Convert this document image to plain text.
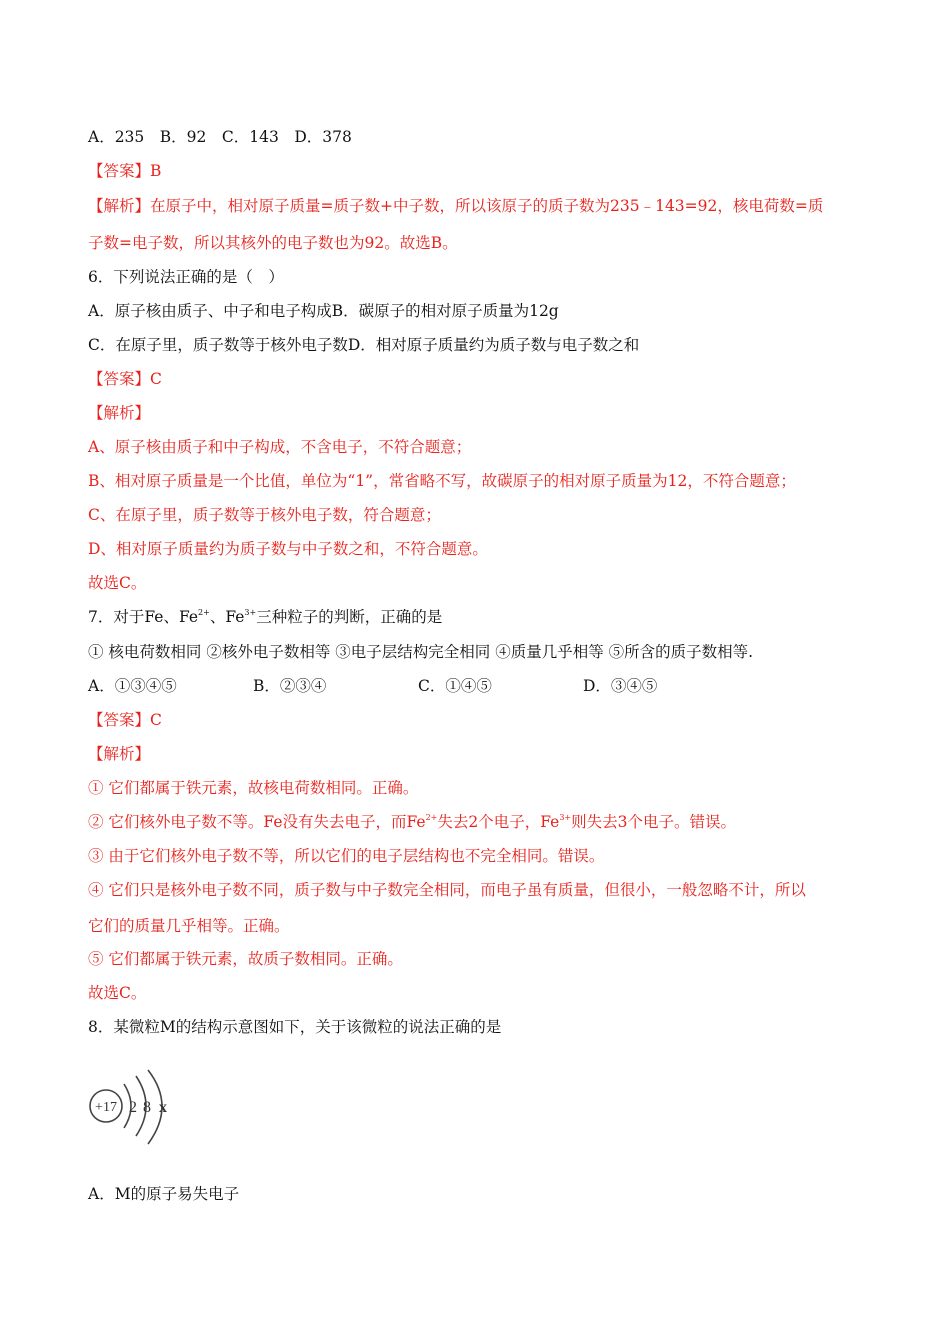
A．235　B．92　C．143　D．378
【答案】B
【解析】在原子中，相对原子质量=质子数+中子数，所以该原子的质子数为235﹣143=92，核电荷数=质
子数=电子数，所以其核外的电子数也为92。故选B。
6．下列说法正确的是（　）
A．原子核由质子、中子和电子构成B．碳原子的相对原子质量为12g
C．在原子里，质子数等于核外电子数D．相对原子质量约为质子数与电子数之和
【答案】C
【解析】
A、原子核由质子和中子构成，不含电子，不符合题意；
B、相对原子质量是一个比值，单位为“1”，常省略不写，故碳原子的相对原子质量为12，不符合题意；
C、在原子里，质子数等于核外电子数，符合题意；
D、相对原子质量约为质子数与中子数之和，不符合题意。
故选C。
7．对于Fe、$Fe^{2+}$、$Fe^{3+}$三种粒子的判断，正确的是
① 核电荷数相同 ②核外电子数相等 ③电子层结构完全相同 ④质量几乎相等 ⑤所含的质子数相等.
A．①③④⑤	B．②③④	C．①④⑤	D．③④⑤
【答案】C
【解析】
① 它们都属于铁元素，故核电荷数相同。正确。
② 它们核外电子数不等。Fe没有失去电子，而$Fe^{2+}$失去2个电子，$Fe^{3+}$则失去3个电子。错误。
③ 由于它们核外电子数不等，所以它们的电子层结构也不完全相同。错误。
④ 它们只是核外电子数不同，质子数与中子数完全相同，而电子虽有质量，但很小，一般忽略不计，所以
它们的质量几乎相等。正确。
⑤ 它们都属于铁元素，故质子数相同。正确。
故选C。
8．某微粒M的结构示意图如下，关于该微粒的说法正确的是
+17 2 8 x
A．M的原子易失电子
